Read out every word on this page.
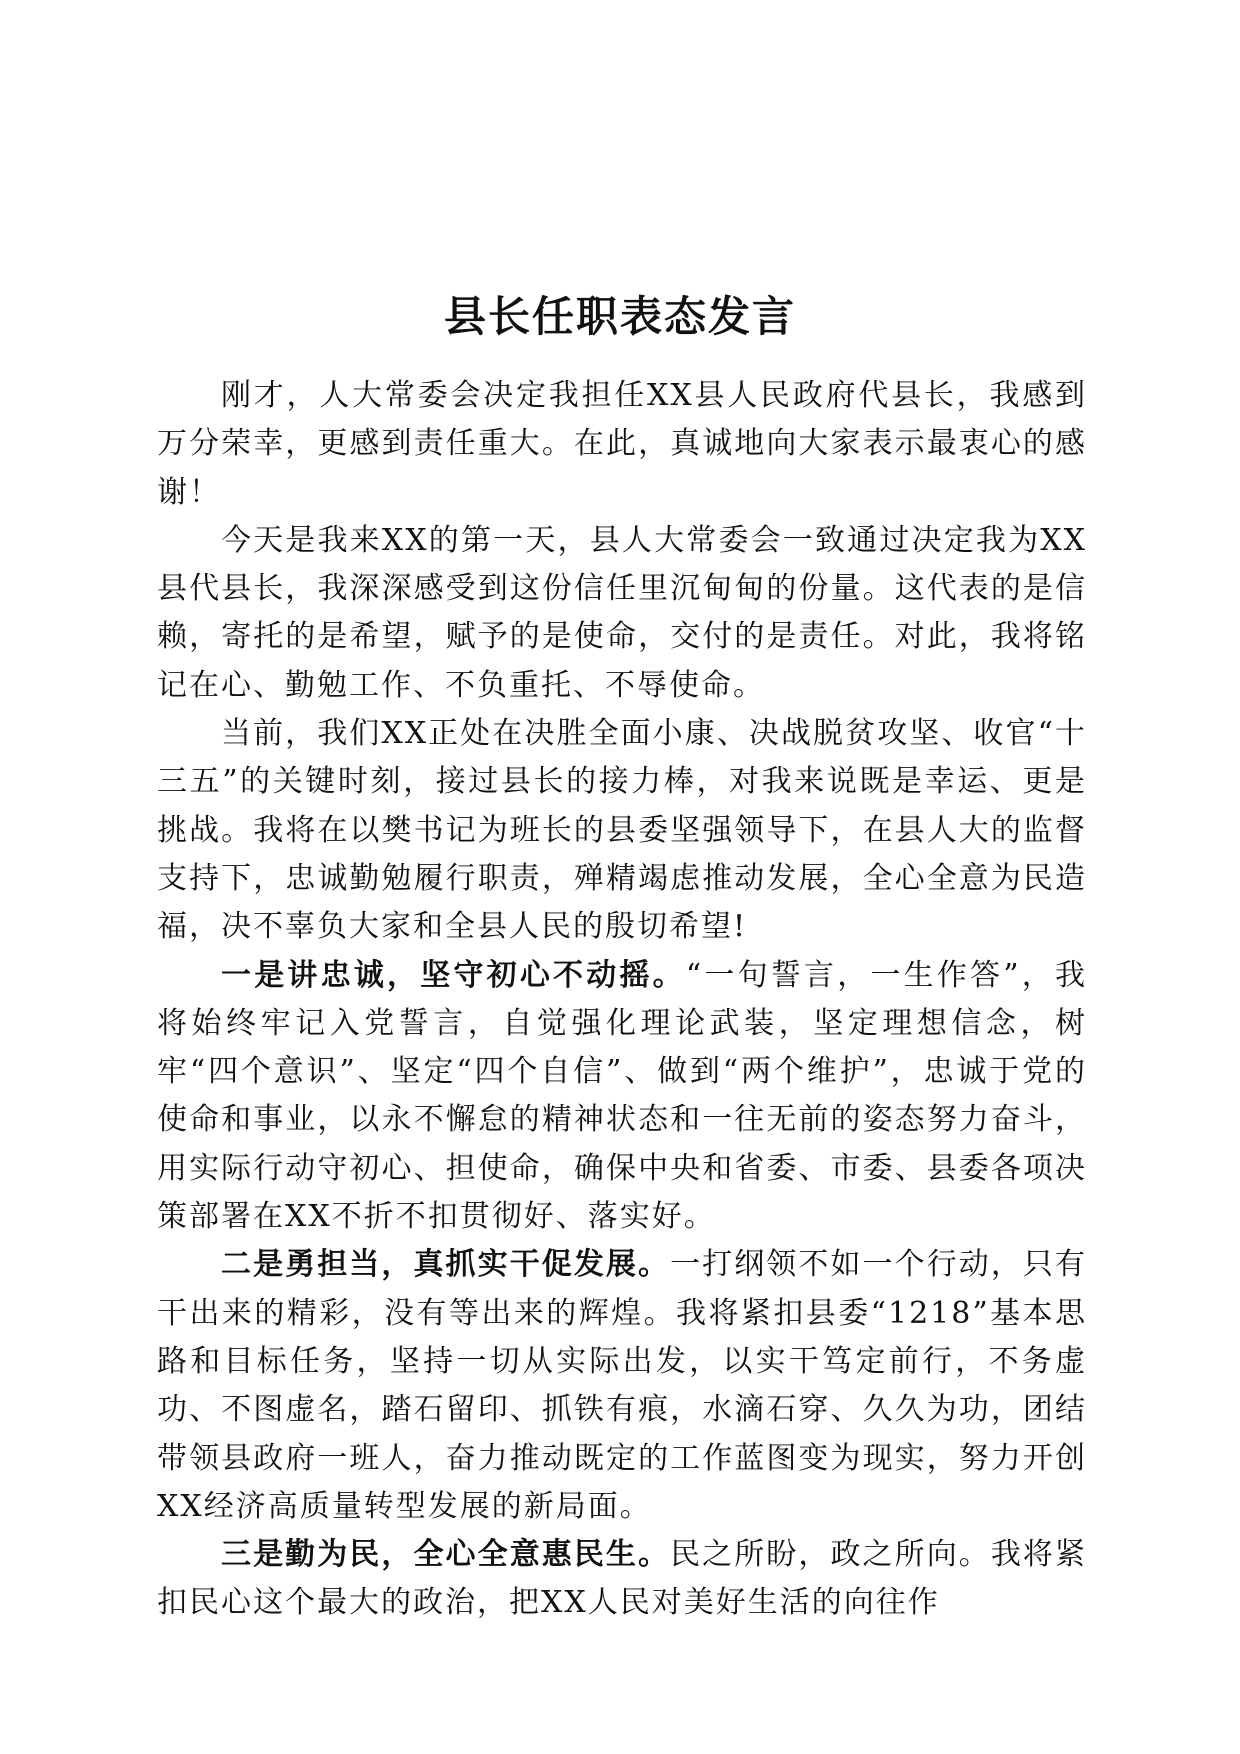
县长任职表态发言

刚才，人大常委会决定我担任XX县人民政府代县长，我感到万分荣幸，更感到责任重大。在此，真诚地向大家表示最衷心的感谢！

今天是我来XX的第一天，县人大常委会一致通过决定我为XX县代县长，我深深感受到这份信任里沉甸甸的份量。这代表的是信赖，寄托的是希望，赋予的是使命，交付的是责任。对此，我将铭记在心、勤勉工作、不负重托、不辱使命。

当前，我们XX正处在决胜全面小康、决战脱贫攻坚、收官“十三五”的关键时刻，接过县长的接力棒，对我来说既是幸运、更是挑战。我将在以樊书记为班长的县委坚强领导下，在县人大的监督支持下，忠诚勤勉履行职责，殚精竭虑推动发展，全心全意为民造福，决不辜负大家和全县人民的殷切希望!

一是讲忠诚，坚守初心不动摇。“一句誓言，一生作答”，我将始终牢记入党誓言，自觉强化理论武装，坚定理想信念，树牢“四个意识”、坚定“四个自信”、做到“两个维护”，忠诚于党的使命和事业，以永不懈怠的精神状态和一往无前的姿态努力奋斗，用实际行动守初心、担使命，确保中央和省委、市委、县委各项决策部署在XX不折不扣贯彻好、落实好。

二是勇担当，真抓实干促发展。一打纲领不如一个行动，只有干出来的精彩，没有等出来的辉煌。我将紧扣县委“1218”基本思路和目标任务，坚持一切从实际出发，以实干笃定前行，不务虚功、不图虚名，踏石留印、抓铁有痕，水滴石穿、久久为功，团结带领县政府一班人，奋力推动既定的工作蓝图变为现实，努力开创XX经济高质量转型发展的新局面。

三是勤为民，全心全意惠民生。民之所盼，政之所向。我将紧扣民心这个最大的政治，把XX人民对美好生活的向往作
